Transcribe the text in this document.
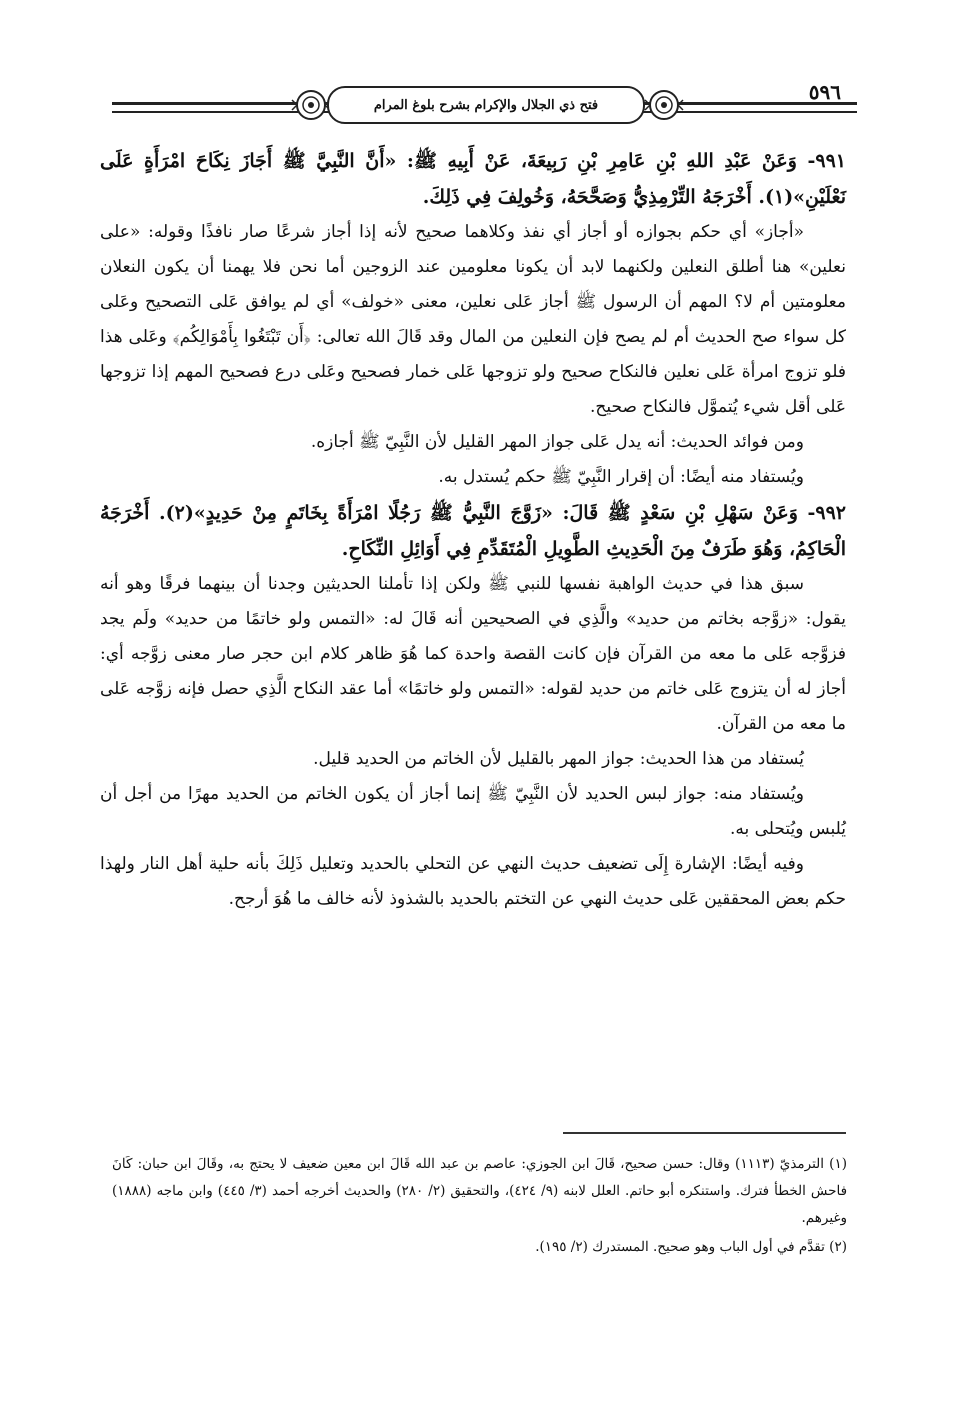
فتح ذي الجلال والإكرام بشرح بلوغ المرام
٥٩٦

٩٩١- وَعَنْ عَبْدِ اللهِ بْنِ عَامِرِ بْنِ رَبِيعَةَ، عَنْ أَبِيهِ ﷺ: «أَنَّ النَّبِيَّ ﷺ أَجَازَ نِكَاحَ امْرَأَةٍ عَلَى نَعْلَيْنِ»(١). أَخْرَجَهُ التِّرْمِذِيُّ وَصَحَّحَهُ، وَخُولِفَ فِي ذَلِكَ.

«أجاز» أي حكم بجوازه أو أجاز أي نفذ وكلاهما صحيح لأنه إذا أجاز شرعًا صار نافذًا وقوله: «على نعلين» هنا أطلق النعلين ولكنهما لابد أن يكونا معلومين عند الزوجين أما نحن فلا يهمنا أن يكون النعلان معلومتين أم لا؟ المهم أن الرسول ﷺ أجاز عَلى نعلين، معنى «خولف» أي لم يوافق عَلى التصحيح وعَلى كل سواء صح الحديث أم لم يصح فإن النعلين من المال وقد قَالَ الله تعالى: ﴿أَن تَبْتَغُوا بِأَمْوَالِكُم﴾ وعَلى هذا فلو تزوج امرأة عَلى نعلين فالنكاح صحيح ولو تزوجها عَلى خمار فصحيح وعَلى درع فصحيح المهم إذا تزوجها عَلى أقل شيء يُتموَّل فالنكاح صحيح.

ومن فوائد الحديث: أنه يدل عَلى جواز المهر القليل لأن النَّبِيّ ﷺ أجازه.

ويُستفاد منه أيضًا: أن إقرار النَّبِيّ ﷺ حكم يُستدل به.

٩٩٢- وَعَنْ سَهْلِ بْنِ سَعْدٍ ﷺ قَالَ: «زَوَّجَ النَّبِيُّ ﷺ رَجُلًا امْرَأَةً بِخَاتَمٍ مِنْ حَدِيدٍ»(٢). أَخْرَجَهُ الْحَاكِمُ، وَهُوَ طَرَفٌ مِنَ الْحَدِيثِ الطَّوِيلِ الْمُتَقَدِّمِ فِي أَوَائِلِ النِّكَاحِ.

سبق هذا في حديث الواهبة نفسها للنبي ﷺ ولكن إذا تأملنا الحديثين وجدنا أن بينهما فرقًا وهو أنه يقول: «زوَّجه بخاتم من حديد» والَّذِي في الصحيحين أنه قَالَ له: «التمس ولو خاتمًا من حديد» ولَم يجد فزوَّجه عَلى ما معه من القرآن فإن كانت القصة واحدة كما هُوَ ظاهر كلام ابن حجر صار معنى زوَّجه أي: أجاز له أن يتزوج عَلى خاتم من حديد لقوله: «التمس ولو خاتمًا» أما عقد النكاح الَّذِي حصل فإنه زوَّجه عَلى ما معه من القرآن.

يُستفاد من هذا الحديث: جواز المهر بالقليل لأن الخاتم من الحديد قليل.

ويُستفاد منه: جواز لبس الحديد لأن النَّبِيّ ﷺ إنما أجاز أن يكون الخاتم من الحديد مهرًا من أجل أن يُلبس ويُتحلى به.

وفيه أيضًا: الإشارة إِلَى تضعيف حديث النهي عن التحلي بالحديد وتعليل ذَلِكَ بأنه حلية أهل النار ولهذا حكم بعض المحققين عَلى حديث النهي عن التختم بالحديد بالشذوذ لأنه خالف ما هُوَ أرجح.

(١) الترمذيّ (١١١٣) وقال: حسن صحيح، قَالَ ابن الجوزي: عاصم بن عبد الله قَالَ ابن معين ضعيف لا يحتج به، وقَالَ ابن حبان: كَانَ فاحش الخطأ فترك. واستنكره أبو حاتم. العلل لابنه (٩/ ٤٢٤)، والتحقيق (٢/ ٢٨٠) والحديث أخرجه أحمد (٣/ ٤٤٥) وابن ماجه (١٨٨٨) وغيرهم.

(٢) تقدَّم في أول الباب وهو صحيح. المستدرك (٢/ ١٩٥).
